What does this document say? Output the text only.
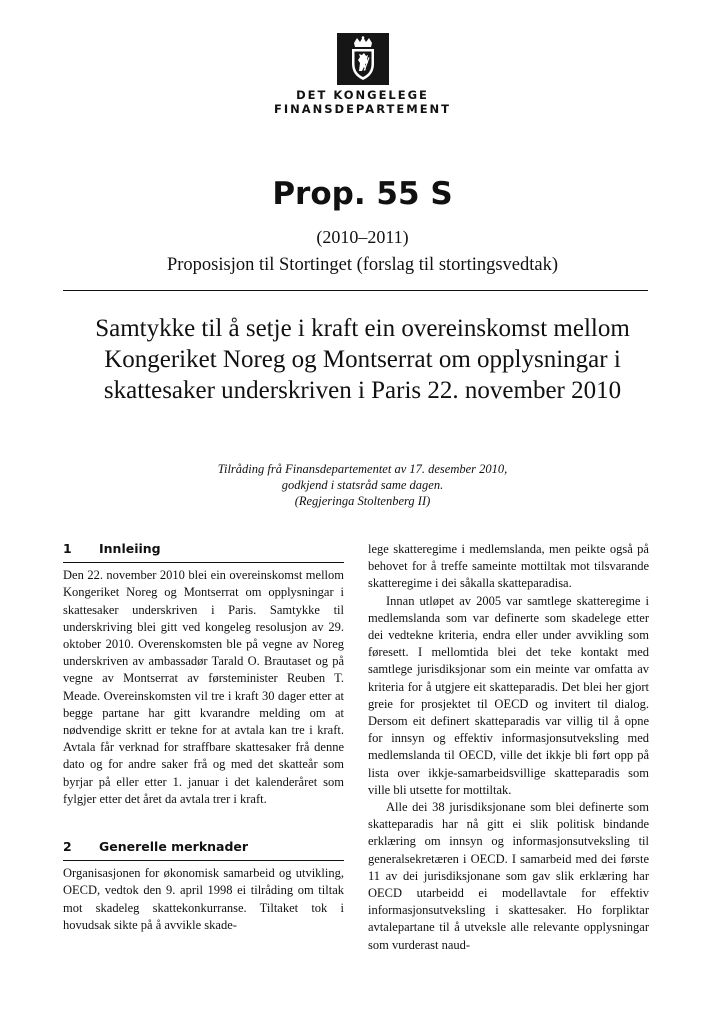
DET KONGELEGE
FINANSDEPARTEMENT
Prop. 55 S
(2010–2011)
Proposisjon til Stortinget (forslag til stortingsvedtak)
Samtykke til å setje i kraft ein overeinskomst mellom Kongeriket Noreg og Montserrat om opplysningar i skattesaker underskriven i Paris 22. november 2010
Tilråding frå Finansdepartementet av 17. desember 2010,
godkjend i statsråd same dagen.
(Regjeringa Stoltenberg II)
1 Innleiing

Den 22. november 2010 blei ein overeinskomst mellom Kongeriket Noreg og Montserrat om opplysningar i skattesaker underskriven i Paris. Samtykke til underskriving blei gitt ved kongeleg resolusjon av 29. oktober 2010. Overenskomsten ble på vegne av Noreg underskriven av ambassadør Tarald O. Brautaset og på vegne av Montserrat av førsteminister Reuben T. Meade. Overeinskomsten vil tre i kraft 30 dager etter at begge partane har gitt kvarandre melding om at nødvendige skritt er tekne for at avtala kan tre i kraft. Avtala får verknad for straffbare skattesaker frå denne dato og for andre saker frå og med det skatteår som byrjar på eller etter 1. januar i det kalenderåret som fylgjer etter det året da avtala trer i kraft.

2 Generelle merknader

Organisasjonen for økonomisk samarbeid og utvikling, OECD, vedtok den 9. april 1998 ei tilråding om tiltak mot skadeleg skattekonkurranse. Tiltaket tok i hovudsak sikte på å avvikle skade-

lege skatteregime i medlemslanda, men peikte også på behovet for å treffe sameinte mottiltak mot tilsvarande skatteregime i dei såkalla skatteparadisa.

Innan utløpet av 2005 var samtlege skatteregime i medlemslanda som var definerte som skadelege etter dei vedtekne kriteria, endra eller under avvikling som føresett. I mellomtida blei det teke kontakt med samtlege jurisdiksjonar som ein meinte var omfatta av kriteria for å utgjere eit skatteparadis. Det blei her gjort greie for prosjektet til OECD og invitert til dialog. Dersom eit definert skatteparadis var villig til å opne for innsyn og effektiv informasjonsutveksling med medlemslanda til OECD, ville det ikkje bli ført opp på lista over ikkje-samarbeidsvillige skatteparadis som ville bli utsette for mottiltak.

Alle dei 38 jurisdiksjonane som blei definerte som skatteparadis har nå gitt ei slik politisk bindande erklæring om innsyn og informasjonsutveksling til generalsekretæren i OECD. I samarbeid med dei første 11 av dei jurisdiksjonane som gav slik erklæring har OECD utarbeidd ei modellavtale for effektiv informasjonsutveksling i skattesaker. Ho forpliktar avtalepartane til å utveksle alle relevante opplysningar som vurderast naud-
